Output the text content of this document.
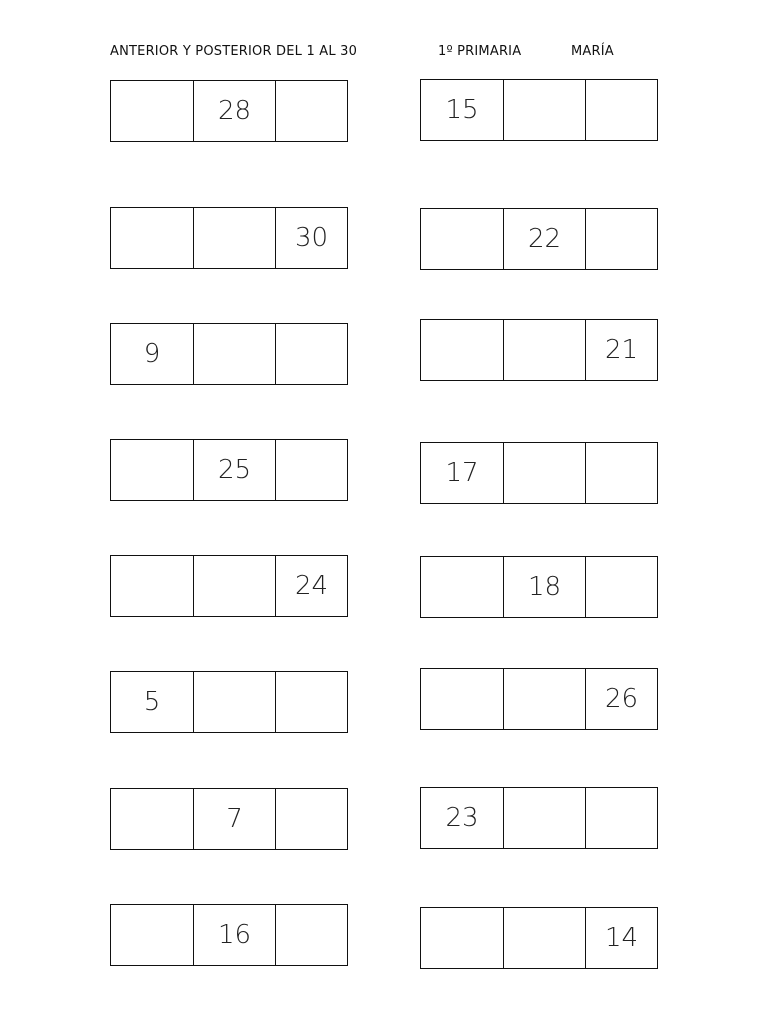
ANTERIOR Y POSTERIOR DEL 1 AL 30	1º PRIMARIA	MARÍA
28
30
9
25
24
5
7
16
15
22
21
17
18
26
23
14
